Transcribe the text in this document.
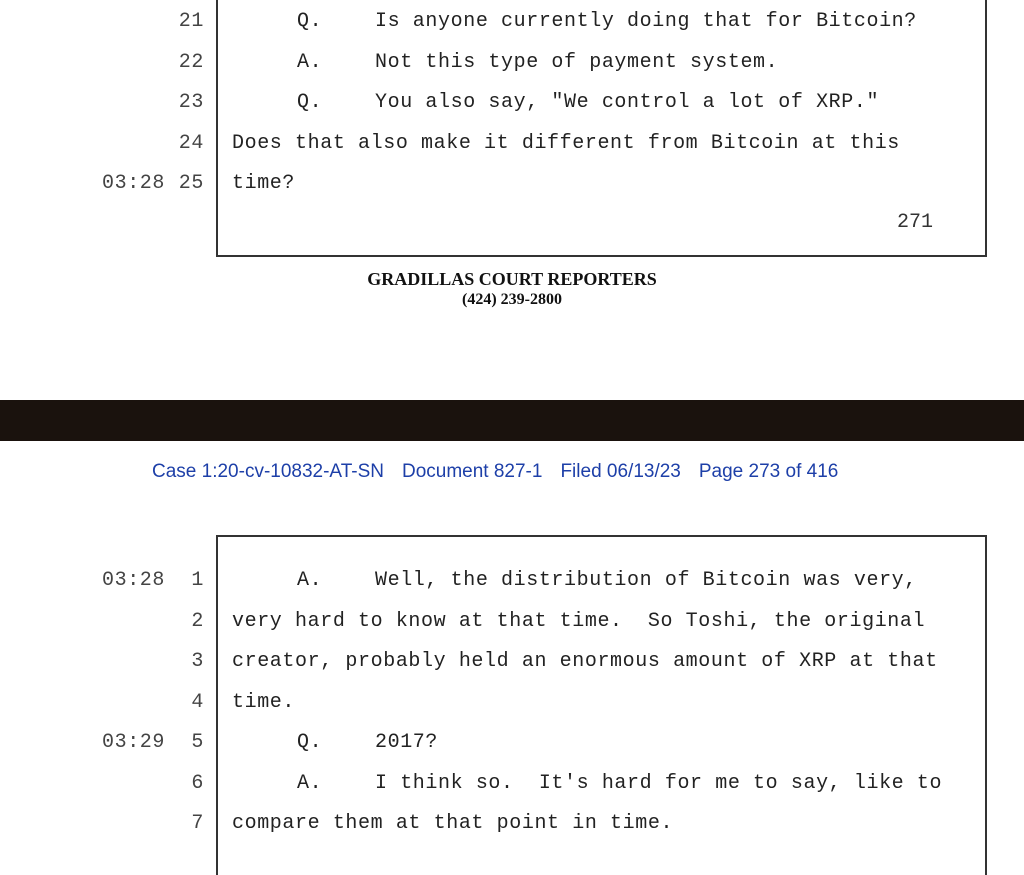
271
21	Q.	Is anyone currently doing that for Bitcoin?
22	A.	Not this type of payment system.
23	Q.	You also say, "We control a lot of XRP."
24 Does that also make it different from Bitcoin at this
03:28 25 time?
GRADILLAS COURT REPORTERS
(424) 239-2800
Case 1:20-cv-10832-AT-SN Document 827-1 Filed 06/13/23 Page 273 of 416
03:28 1	A.	Well, the distribution of Bitcoin was very,
2 very hard to know at that time.  So Toshi, the original
3 creator, probably held an enormous amount of XRP at that
4 time.
03:29 5	Q.	2017?
6	A.	I think so.  It's hard for me to say, like to
7 compare them at that point in time.
